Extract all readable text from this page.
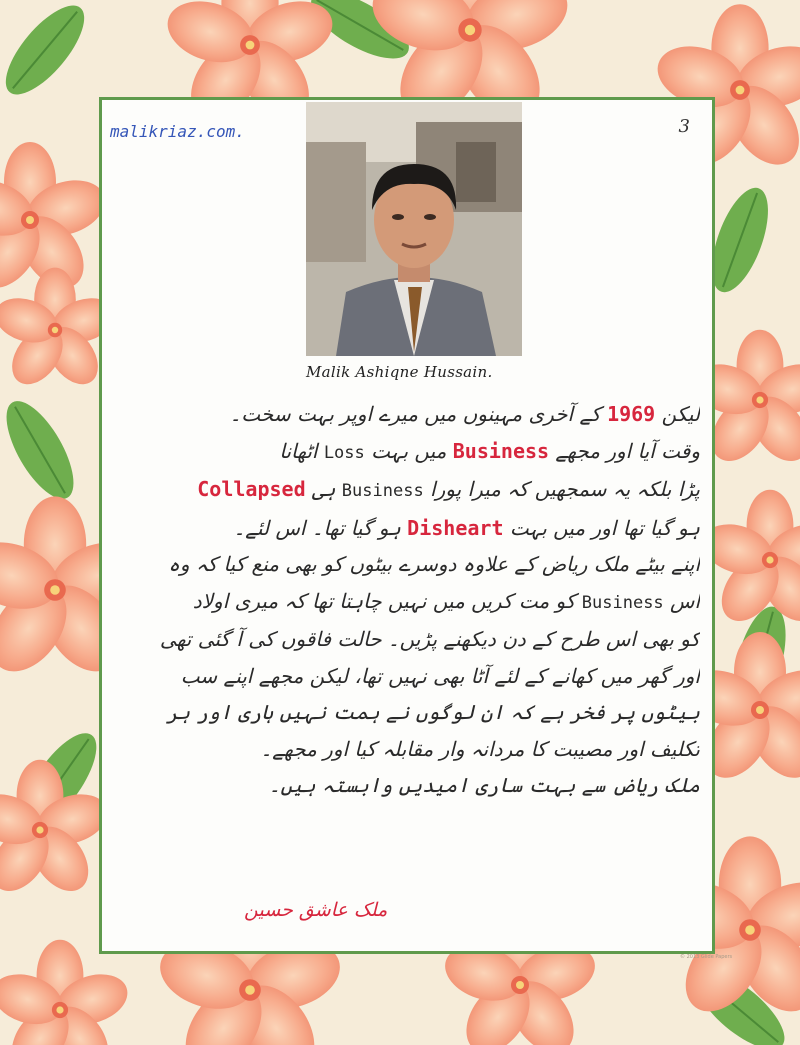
malikriaz.com.	3
Malik Ashiqne Hussain.
لیکن 1969 کے آخری مہینوں میں میرے اوپر بہت سخت۔
وقت آیا اور مجھے Business میں بہت Loss اٹھانا
پڑا بلکہ یہ سمجھیں کہ میرا پورا Business ہی Collapsed
ہو گیا تھا اور میں بہت Disheart ہو گیا تھا۔ اس لئے۔
اپنے بیٹے ملک ریاض کے علاوہ دوسرے بیٹوں کو بھی منع کیا کہ وہ
اس Business کو مت کریں میں نہیں چاہتا تھا کہ میری اولاد
کو بھی اس طرح کے دن دیکھنے پڑیں۔ حالت فاقوں کی آ گئی تھی
اور گھر میں کھانے کے لئے آٹا بھی نہیں تھا، لیکن مجھے اپنے سب
بیٹوں پر فخر ہے کہ ان لوگوں نے ہمت نہیں ہاری اور ہر
تکلیف اور مصیبت کا مردانہ وار مقابلہ کیا اور مجھے۔
ملک ریاض سے بہت ساری امیدیں وابستہ ہیں۔
ملک عاشق حسین
© 2013 Glide Papers
